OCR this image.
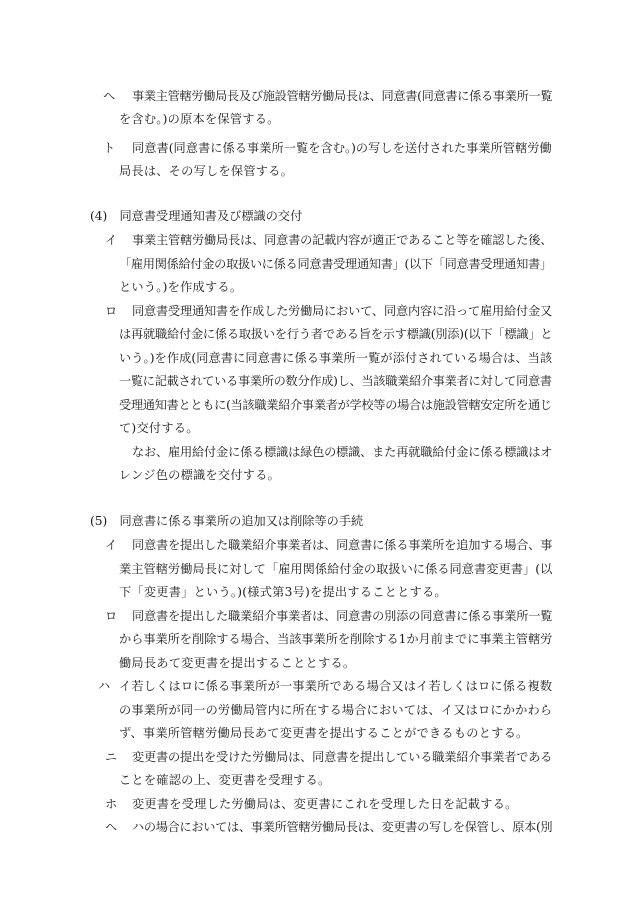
ヘ 事業主管轄労働局長及び施設管轄労働局長は、同意書(同意書に係る事業所一覧
を含む。)の原本を保管する。
ト 同意書(同意書に係る事業所一覧を含む。)の写しを送付された事業所管轄労働
局長は、その写しを保管する。
(4)　同意書受理通知書及び標識の交付
イ 事業主管轄労働局長は、同意書の記載内容が適正であること等を確認した後、
「雇用関係給付金の取扱いに係る同意書受理通知書」(以下「同意書受理通知書」
という。)を作成する。
ロ 同意書受理通知書を作成した労働局において、同意内容に沿って雇用給付金又
は再就職給付金に係る取扱いを行う者である旨を示す標識(別添)(以下「標識」と
いう。)を作成(同意書に同意書に係る事業所一覧が添付されている場合は、当該
一覧に記載されている事業所の数分作成)し、当該職業紹介事業者に対して同意書
受理通知書とともに(当該職業紹介事業者が学校等の場合は施設管轄安定所を通じ
て)交付する。
なお、雇用給付金に係る標識は緑色の標識、また再就職給付金に係る標識はオ
レンジ色の標識を交付する。
(5)　同意書に係る事業所の追加又は削除等の手続
イ 同意書を提出した職業紹介事業者は、同意書に係る事業所を追加する場合、事
業主管轄労働局長に対して「雇用関係給付金の取扱いに係る同意書変更書」(以
下「変更書」という。)(様式第3号)を提出することとする。
ロ 同意書を提出した職業紹介事業者は、同意書の別添の同意書に係る事業所一覧
から事業所を削除する場合、当該事業所を削除する1か月前までに事業主管轄労
働局長あて変更書を提出することとする。
ハ イ若しくはロに係る事業所が一事業所である場合又はイ若しくはロに係る複数
の事業所が同一の労働局管内に所在する場合においては、イ又はロにかかわら
ず、事業所管轄労働局長あて変更書を提出することができるものとする。
ニ 変更書の提出を受けた労働局は、同意書を提出している職業紹介事業者である
ことを確認の上、変更書を受理する。
ホ 変更書を受理した労働局は、変更書にこれを受理した日を記載する。
ヘ ハの場合においては、事業所管轄労働局長は、変更書の写しを保管し、原本(別
